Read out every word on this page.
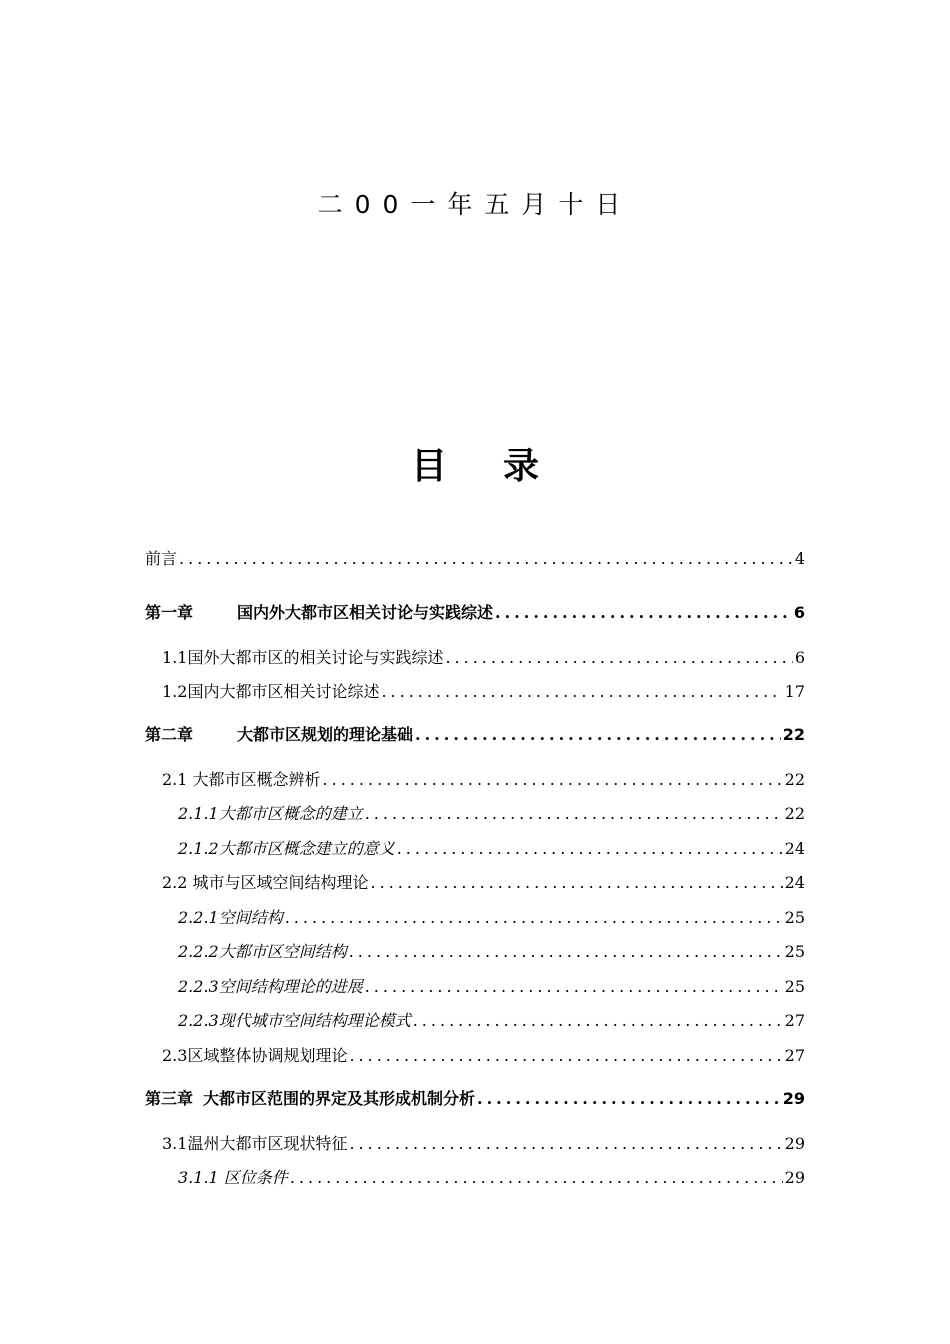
二00一年五月十日
目 录
前言 .....	4
第一章	国内外大都市区相关讨论与实践综述 .....	6
1.1国外大都市区的相关讨论与实践综述 .....	6
1.2国内大都市区相关讨论综述 .....	17
第二章	大都市区规划的理论基础 .....	22
2.1 大都市区概念辨析 .....	22
2.1.1大都市区概念的建立 .....	22
2.1.2大都市区概念建立的意义 .....	24
2.2 城市与区域空间结构理论 .....	24
2.2.1空间结构 .....	25
2.2.2大都市区空间结构 .....	25
2.2.3空间结构理论的进展 .....	25
2.2.3现代城市空间结构理论模式 .....	27
2.3区域整体协调规划理论 .....	27
第三章 大都市区范围的界定及其形成机制分析 .....	29
3.1温州大都市区现状特征 .....	29
3.1.1 区位条件 .....	29
